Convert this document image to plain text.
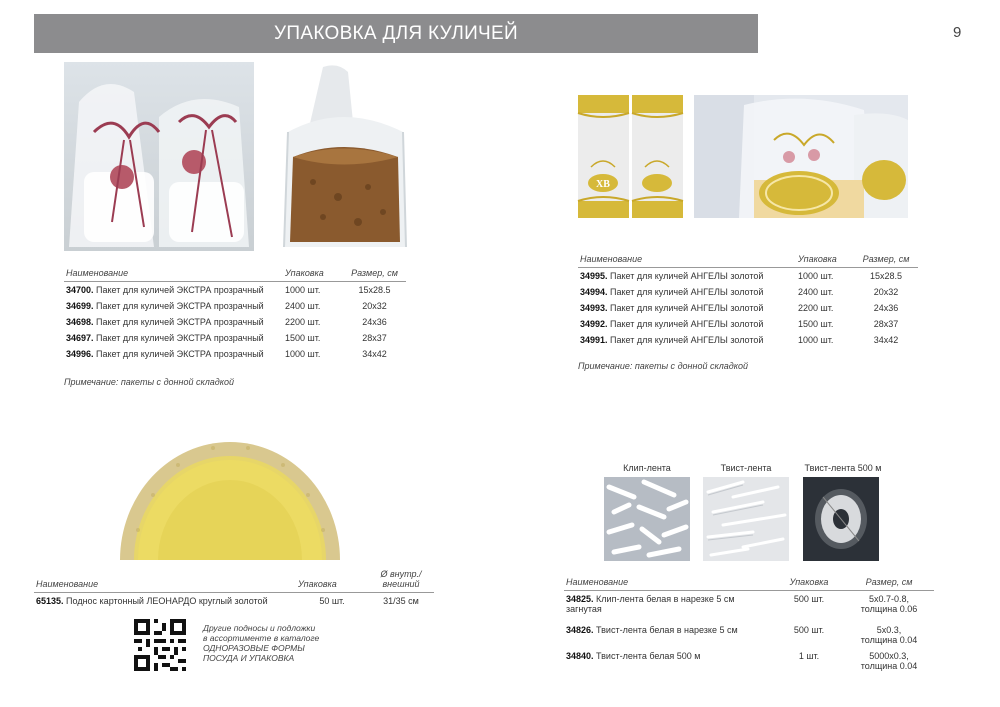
УПАКОВКА ДЛЯ КУЛИЧЕЙ	9
Наименование	Упаковка	Размер, см
34700. Пакет для куличей ЭКСТРА прозрачный	1000 шт.	15x28.5
34699. Пакет для куличей ЭКСТРА прозрачный	2400 шт.	20x32
34698. Пакет для куличей ЭКСТРА прозрачный	2200 шт.	24x36
34697. Пакет для куличей ЭКСТРА прозрачный	1500 шт.	28x37
34996. Пакет для куличей ЭКСТРА прозрачный	1000 шт.	34x42
Примечание: пакеты с донной складкой
ХВ
Наименование	Упаковка	Размер, см
34995. Пакет для куличей АНГЕЛЫ золотой	1000 шт.	15x28.5
34994. Пакет для куличей АНГЕЛЫ золотой	2400 шт.	20x32
34993. Пакет для куличей АНГЕЛЫ золотой	2200 шт.	24x36
34992. Пакет для куличей АНГЕЛЫ золотой	1500 шт.	28x37
34991. Пакет для куличей АНГЕЛЫ золотой	1000 шт.	34x42
Примечание: пакеты с донной складкой
Наименование	Упаковка	Ø внутр./
внешний
65135. Поднос картонный ЛЕОНАРДО круглый золотой	50 шт.	31/35 см
Другие подносы и подложки
в ассортименте в каталоге
ОДНОРАЗОВЫЕ ФОРМЫ
ПОСУДА И УПАКОВКА
Клип-лента	Твист-лента	Твист-лента 500 м
Наименование	Упаковка	Размер, см
34825. Клип-лента белая в нарезке 5 см
загнутая	500 шт.	5x0.7-0.8,
толщина 0.06
34826. Твист-лента белая в нарезке 5 см	500 шт.	5x0.3,
толщина 0.04
34840. Твист-лента белая 500 м	1 шт.	5000x0.3,
толщина 0.04
